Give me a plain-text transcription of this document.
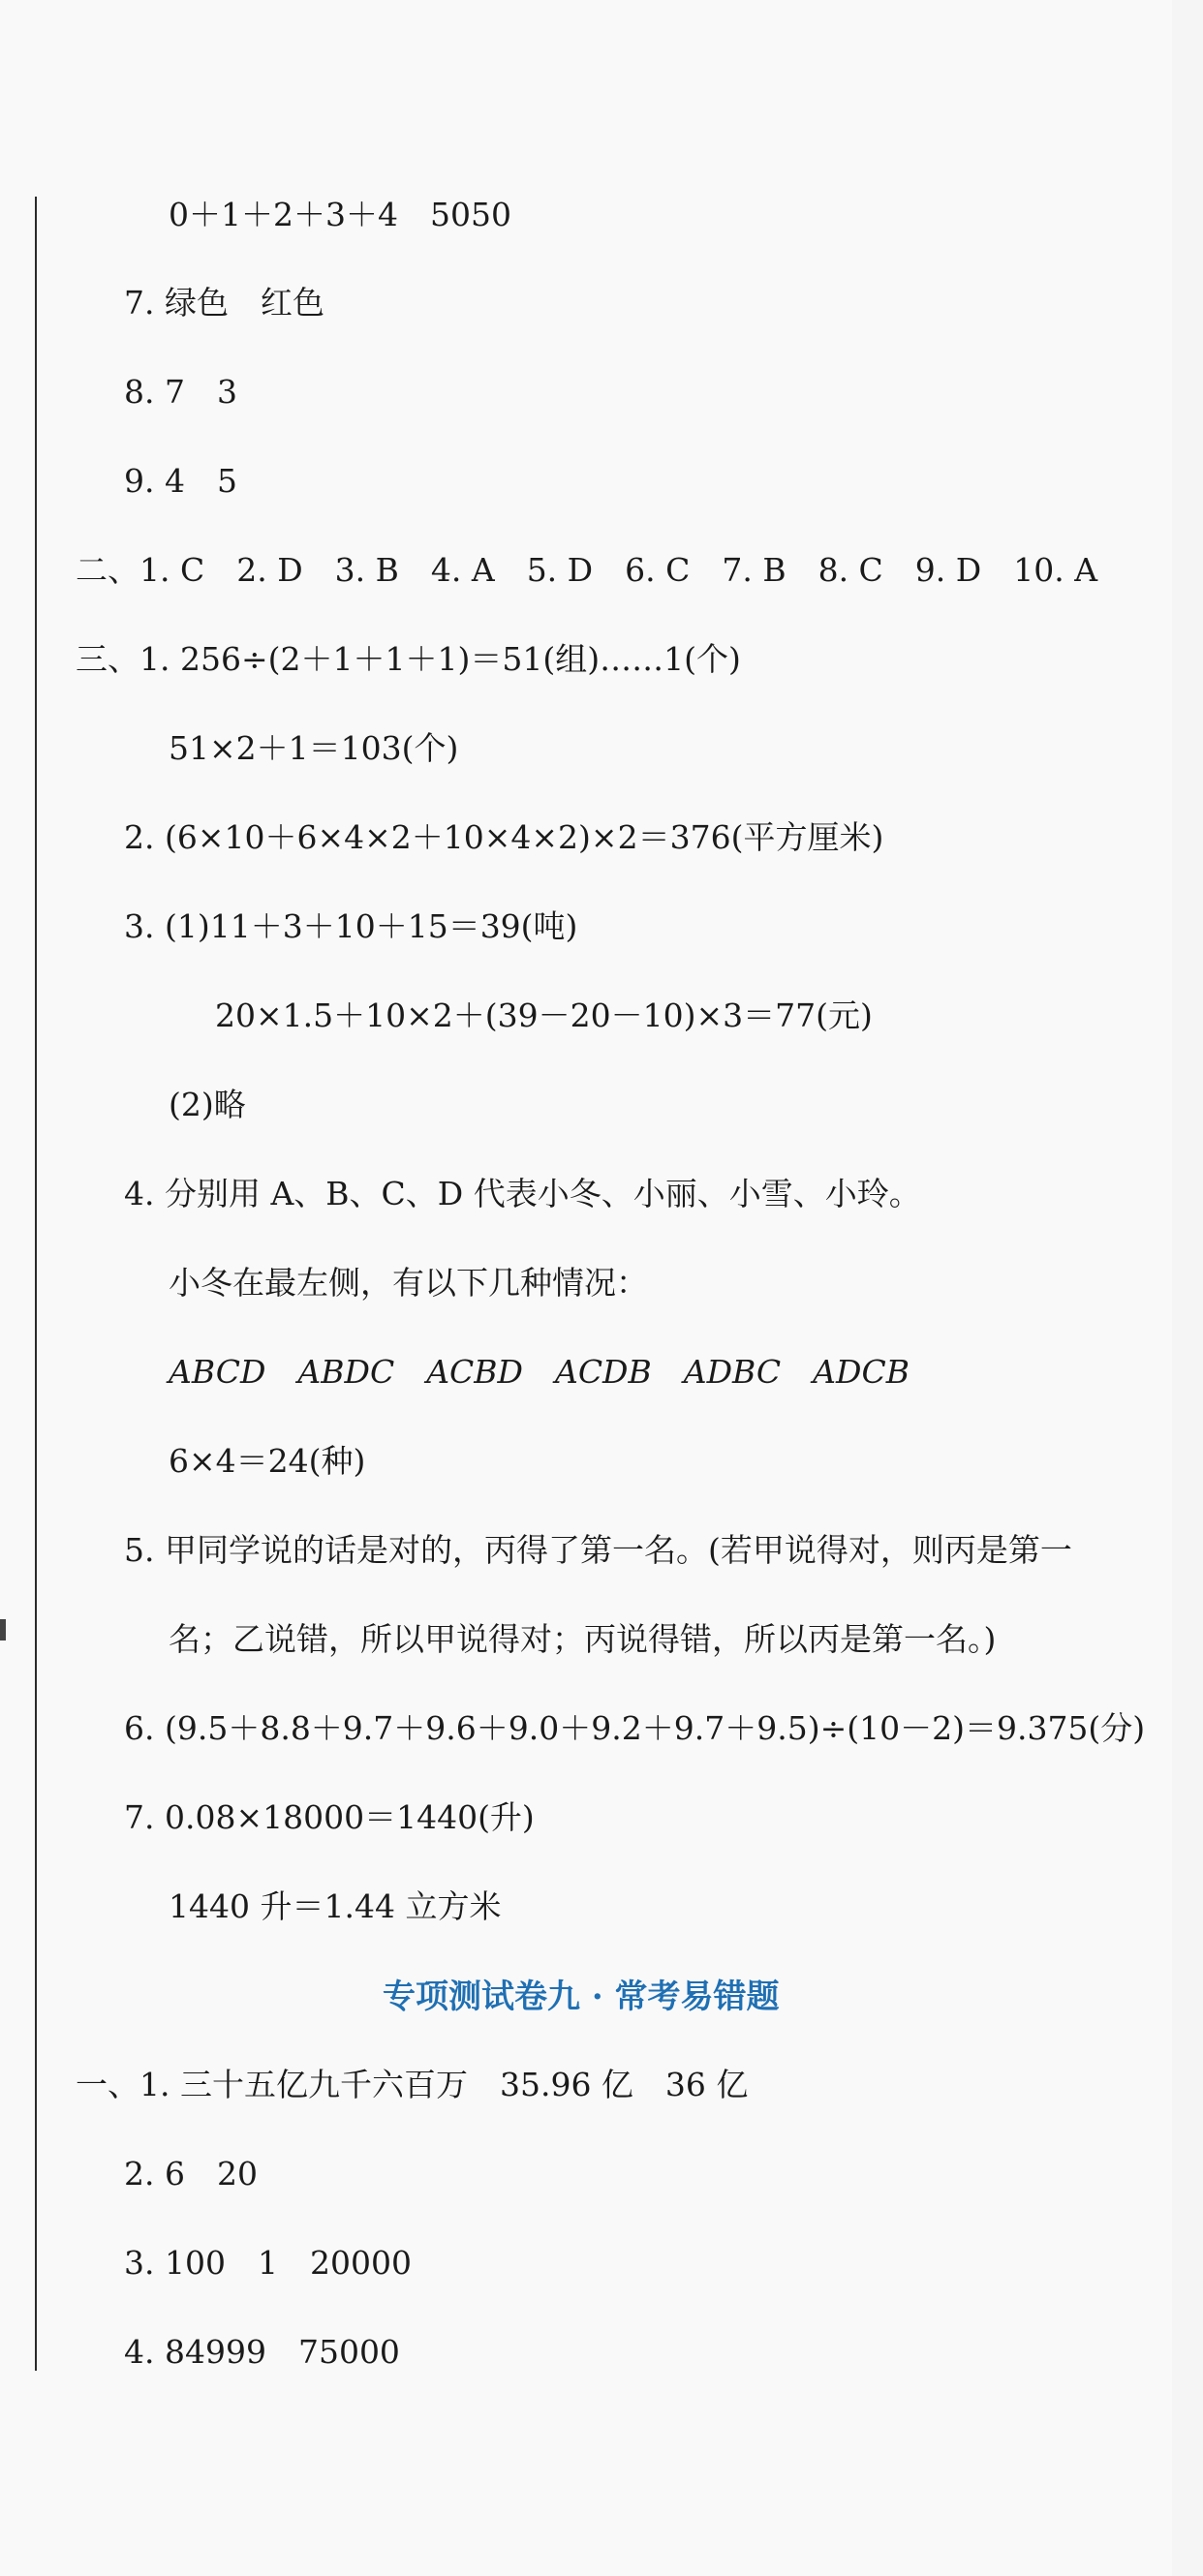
0＋1＋2＋3＋4　5050
7. 绿色　红色
8. 7　3
9. 4　5
二、1. C　2. D　3. B　4. A　5. D　6. C　7. B　8. C　9. D　10. A
三、1. 256÷(2＋1＋1＋1)＝51(组)……1(个)
51×2＋1＝103(个)
2. (6×10＋6×4×2＋10×4×2)×2＝376(平方厘米)
3. (1)11＋3＋10＋15＝39(吨)
20×1.5＋10×2＋(39－20－10)×3＝77(元)
(2)略
4. 分别用 A、B、C、D 代表小冬、小丽、小雪、小玲。
小冬在最左侧，有以下几种情况：
ABCD　ABDC　ACBD　ACDB　ADBC　ADCB
6×4＝24(种)
5. 甲同学说的话是对的，丙得了第一名。(若甲说得对，则丙是第一
名；乙说错，所以甲说得对；丙说得错，所以丙是第一名。)
6. (9.5＋8.8＋9.7＋9.6＋9.0＋9.2＋9.7＋9.5)÷(10－2)＝9.375(分)
7. 0.08×18000＝1440(升)
1440 升＝1.44 立方米
专项测试卷九 · 常考易错题
一、1. 三十五亿九千六百万　35.96 亿　36 亿
2. 6　20
3. 100　1　20000
4. 84999　75000
